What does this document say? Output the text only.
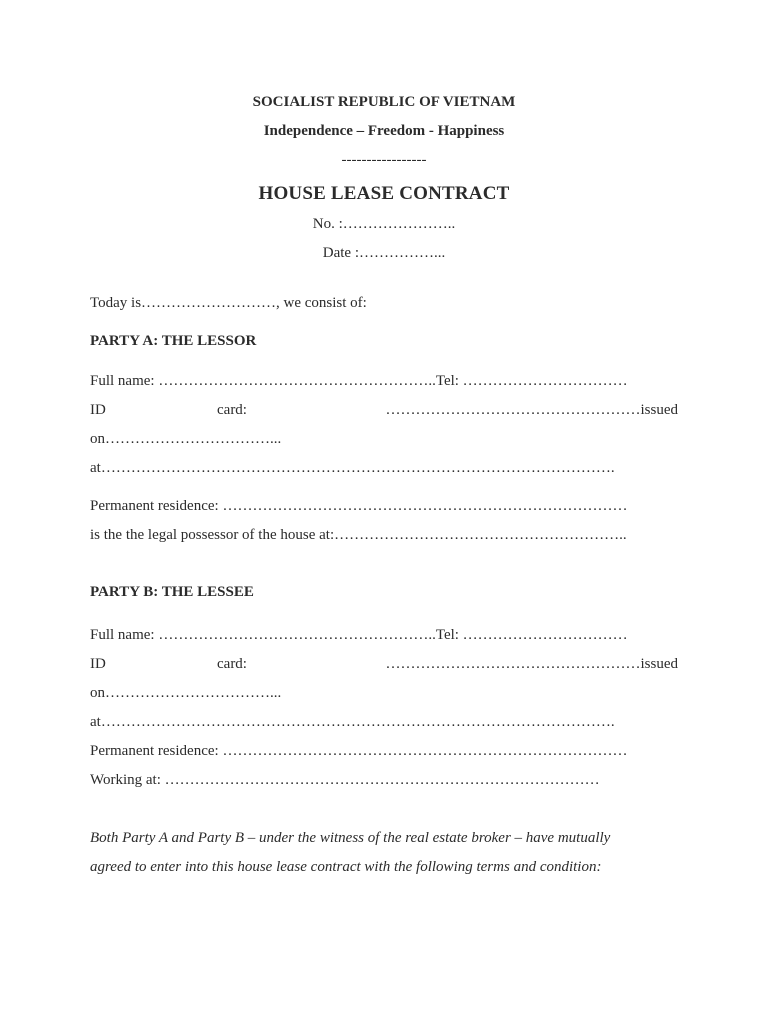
SOCIALIST REPUBLIC OF VIETNAM
Independence – Freedom - Happiness
-----------------
HOUSE LEASE CONTRACT
No. :…………………..
Date :……………...
Today is………………………, we consist of:
PARTY A: THE LESSOR
Full name: ………………………………………………..Tel: ……………………………
ID	card:	……………………………………………issued
on……………………………...
at………………………………………………………………………………………….
Permanent residence: ………………………………………………………………………
is the the legal possessor of the house at:…………………………………………………..
PARTY B: THE LESSEE
Full name: ………………………………………………..Tel: ……………………………
ID	card:	……………………………………………issued
on……………………………...
at………………………………………………………………………………………….
Permanent residence: ………………………………………………………………………
Working at: ……………………………………………………………………………
Both Party A and Party B – under the witness of the real estate broker – have mutually
agreed to enter into this house lease contract with the following terms and condition:
